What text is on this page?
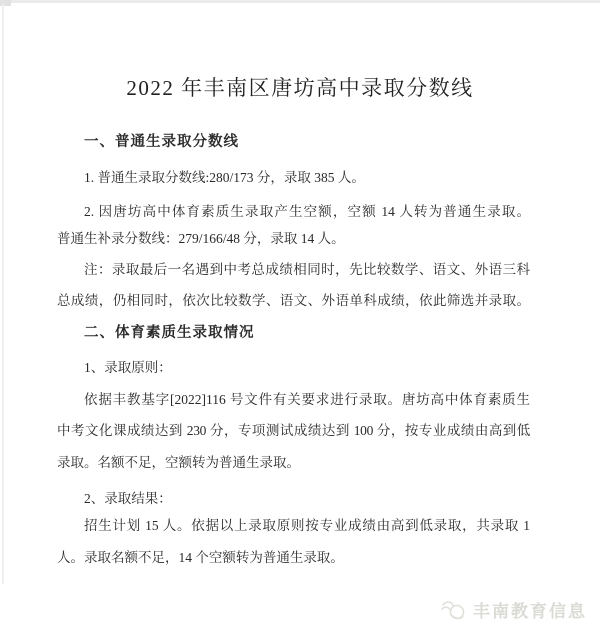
2022 年丰南区唐坊高中录取分数线
一、普通生录取分数线
1. 普通生录取分数线:280/173 分，录取 385 人。
2. 因唐坊高中体育素质生录取产生空额，空额 14 人转为普通生录取。
普通生补录分数线：279/166/48 分，录取 14 人。
注：录取最后一名遇到中考总成绩相同时，先比较数学、语文、外语三科
总成绩，仍相同时，依次比较数学、语文、外语单科成绩，依此筛选并录取。
二、体育素质生录取情况
1、录取原则：
依据丰教基字[2022]116 号文件有关要求进行录取。唐坊高中体育素质生
中考文化课成绩达到 230 分，专项测试成绩达到 100 分，按专业成绩由高到低
录取。名额不足，空额转为普通生录取。
2、录取结果：
招生计划 15 人。依据以上录取原则按专业成绩由高到低录取，共录取 1
人。录取名额不足，14 个空额转为普通生录取。
丰南教育信息
